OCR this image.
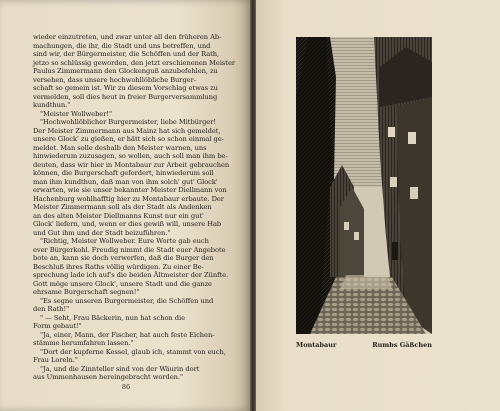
wieder einzutreten, und zwar unter all den früheren Ab-
machungen, die ihr, die Stadt und uns betreffen, und
sind wir, der Bürgermeister, die Schöffen und der Rath,
jetzo so schlüssig geworden, den jetzt erschienenen Meister
Paulus Zimmermann den Glockenguß anzubefehlen, zu
versehen, dass unsere hochwohllöbliche Burger-
schaft so gemein ist. Wir zu diesem Vorschlag etwas zu
vermelden, soll dies heut in freier Burgerversammlung
kundthun."
"Meister Wollweber!"
"Hochwohllöblicher Burgermeister, liebe Mitbürger!
Der Meister Zimmermann aus Mainz hat sich gemeldet,
unsere Glock' zu gießen, er hätt sich so schon einmal ge-
meldet. Man solle deshalb den Meister warnen, uns
hinwiederum zuzusagen, so wollen, auch soll man ihm be-
deuten, dass wir hier in Montabaur zur Arbeit gebrauchen
können, die Burgerschaft gefordert, hinwiederum soll
man ihm kundthun, daß man von ihm solch' gut' Glock'
erwarten, wie sie unser bekannter Meister Diellmann von
Hachenburg wohlhafftig hier zu Montabaur erbaute. Der
Meister Zimmermann soll als der Stadt als Andenken
an des alten Meister Diellmanns Kunst nur ein gut'
Glock' liefern, und, wenn er dies gewiß will, unsere Hab
und Gut ihm und der Stadt beizuführen."
"Richtig, Meister Wollweber. Eure Worte gab euch
ever Bürgerkohl. Freudig nimmt die Stadt euer Angebote
bote an, kann sie doch verwerfen, daß die Burger den
Beschluß ihres Raths völlig würdigen. Zu einer Be-
sprechung lade ich auf's die beiden Ältmeister der Zünfte.
Gott möge unsere Glock', unsere Stadt und die ganze
ehrsame Burgerschaft segnen!"
"Es segne unseren Burgermeister, die Schöffen und
den Rath!"
" — Seht, Frau Bäckerin, nun hat schon die
Form gebaut!"
"Ja, einer, Mann, der Fischer, hat auch feste Eichen-
stämme herumfahren lassen."
"Dort der kupferne Kessel, glaub ich, stammt von euch,
Frau Loreln."
"Ja, und die Zinnteller sind von der Wäurin dort
aus Ummenhausen hereingebracht worden."
86
Montabaur	Rumbs Gäßchen
